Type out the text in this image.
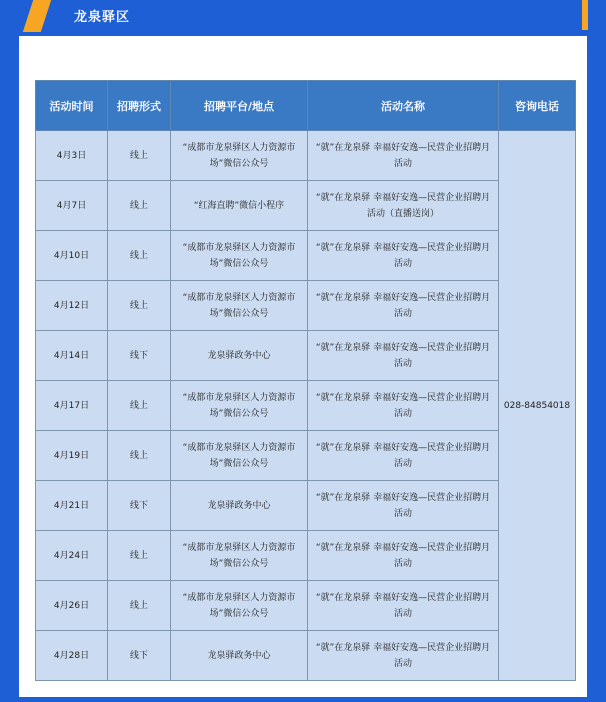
龙泉驿区
活动时间	招聘形式	招聘平台/地点	活动名称	咨询电话
4月3日	线上	“成都市龙泉驿区人力资源市场”微信公众号	“就”在龙泉驿 幸福好安逸—民营企业招聘月活动	028-84854018
4月7日	线上	“红海直聘”微信小程序	“就”在龙泉驿 幸福好安逸—民营企业招聘月活动（直播送岗）	
4月10日	线上	“成都市龙泉驿区人力资源市场”微信公众号	“就”在龙泉驿 幸福好安逸—民营企业招聘月活动	
4月12日	线上	“成都市龙泉驿区人力资源市场”微信公众号	“就”在龙泉驿 幸福好安逸—民营企业招聘月活动	
4月14日	线下	龙泉驿政务中心	“就”在龙泉驿 幸福好安逸—民营企业招聘月活动	
4月17日	线上	“成都市龙泉驿区人力资源市场”微信公众号	“就”在龙泉驿 幸福好安逸—民营企业招聘月活动	
4月19日	线上	“成都市龙泉驿区人力资源市场”微信公众号	“就”在龙泉驿 幸福好安逸—民营企业招聘月活动	
4月21日	线下	龙泉驿政务中心	“就”在龙泉驿 幸福好安逸—民营企业招聘月活动	
4月24日	线上	“成都市龙泉驿区人力资源市场”微信公众号	“就”在龙泉驿 幸福好安逸—民营企业招聘月活动	
4月26日	线上	“成都市龙泉驿区人力资源市场”微信公众号	“就”在龙泉驿 幸福好安逸—民营企业招聘月活动	
4月28日	线下	龙泉驿政务中心	“就”在龙泉驿 幸福好安逸—民营企业招聘月活动	
